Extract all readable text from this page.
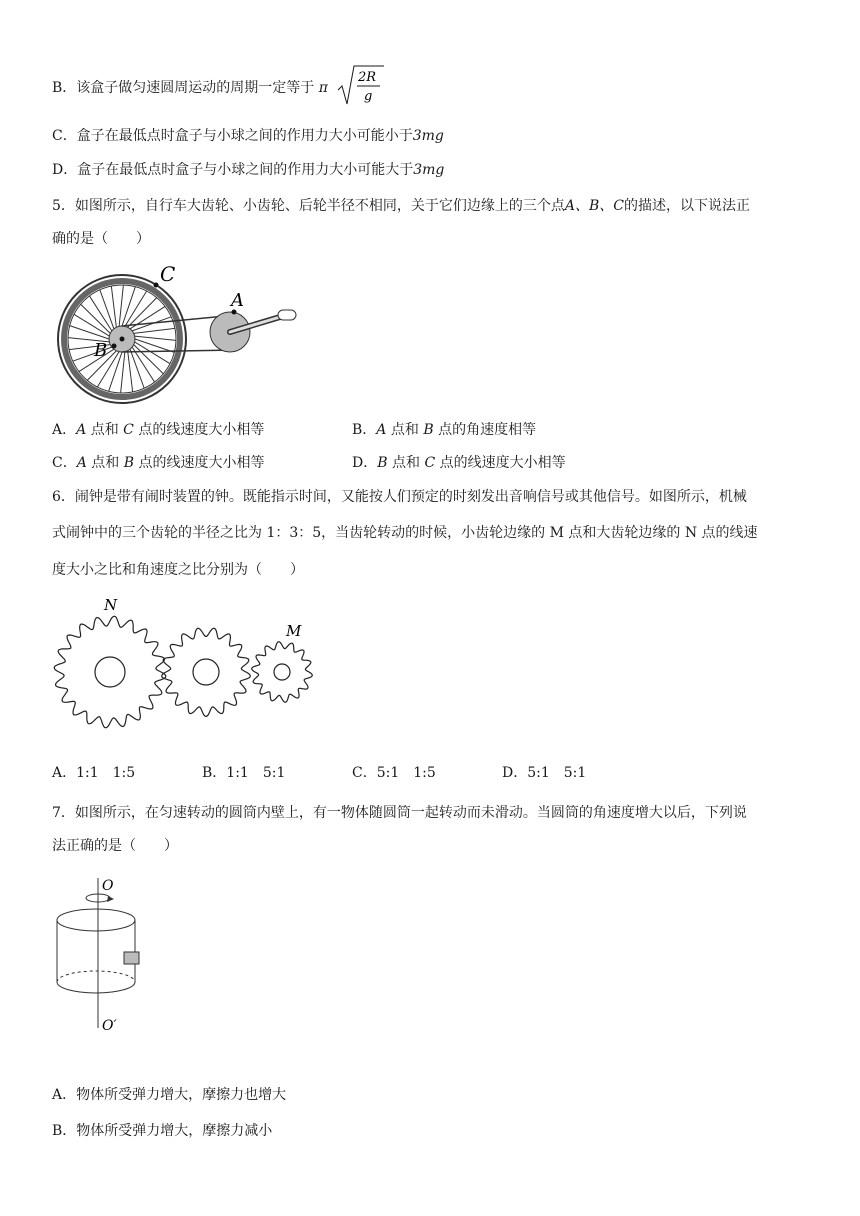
B．该盒子做匀速圆周运动的周期一定等于 π
2R
g
C．盒子在最低点时盒子与小球之间的作用力大小可能小于3mg
D．盒子在最低点时盒子与小球之间的作用力大小可能大于3mg
5．如图所示，自行车大齿轮、小齿轮、后轮半径不相同，关于它们边缘上的三个点A、B、C的描述，以下说法正
确的是（　　）
C
A
B
A．A 点和 C 点的线速度大小相等	B．A 点和 B 点的角速度相等
C．A 点和 B 点的线速度大小相等	D．B 点和 C 点的线速度大小相等
6．闹钟是带有闹时装置的钟。既能指示时间，又能按人们预定的时刻发出音响信号或其他信号。如图所示，机械
式闹钟中的三个齿轮的半径之比为 1：3：5，当齿轮转动的时候，小齿轮边缘的 M 点和大齿轮边缘的 N 点的线速
度大小之比和角速度之比分别为（　　）
N
M
A．1:1　1:5	B．1:1　5:1	C．5:1　1:5	D．5:1　5:1
7．如图所示，在匀速转动的圆筒内壁上，有一物体随圆筒一起转动而未滑动。当圆筒的角速度增大以后，下列说
法正确的是（　　）
O
O′
A．物体所受弹力增大，摩擦力也增大
B．物体所受弹力增大，摩擦力减小
